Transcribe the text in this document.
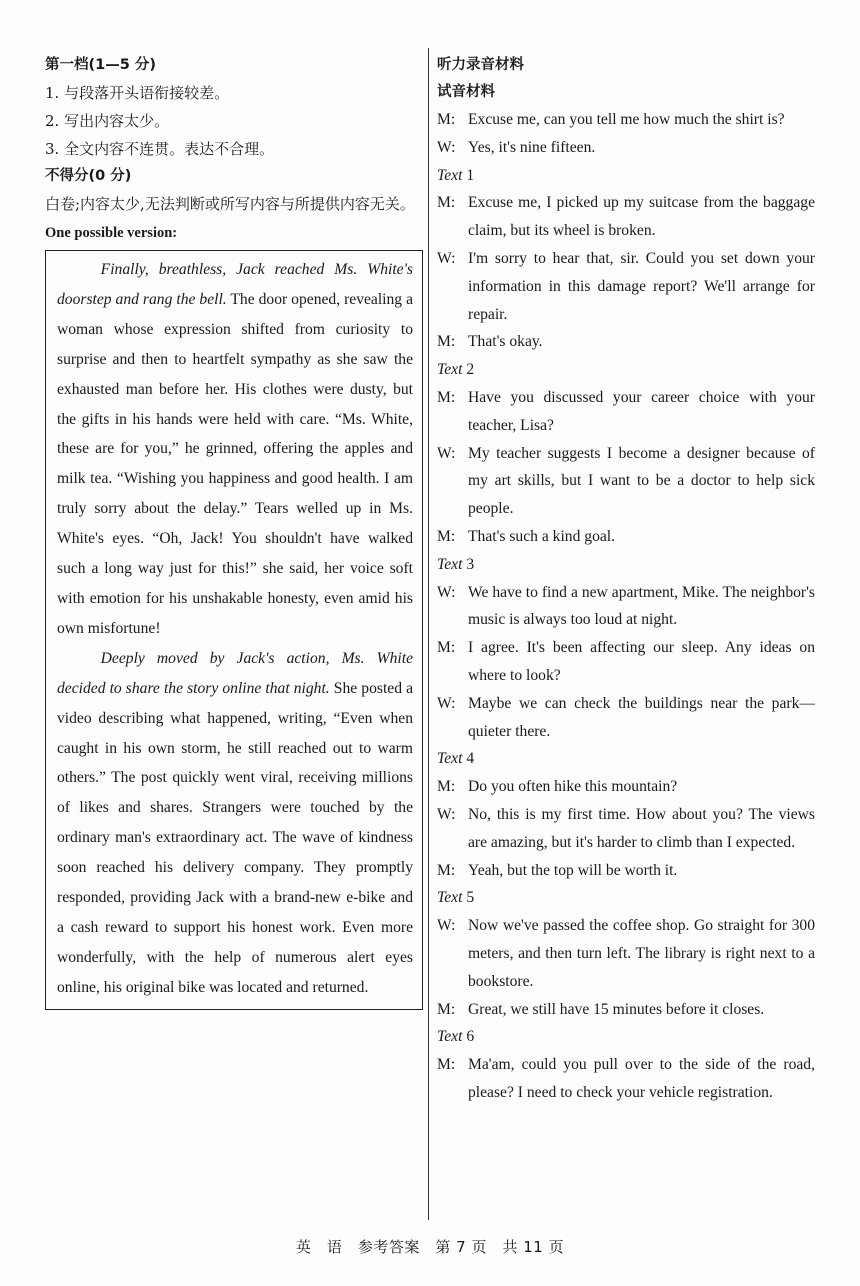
第一档(1—5 分)
1. 与段落开头语衔接较差。
2. 写出内容太少。
3. 全文内容不连贯。表达不合理。
不得分(0 分)
白卷;内容太少,无法判断或所写内容与所提供内容无关。
One possible version:

Finally, breathless, Jack reached Ms. White's doorstep and rang the bell. The door opened, revealing a woman whose expression shifted from curiosity to surprise and then to heartfelt sympathy as she saw the exhausted man before her. His clothes were dusty, but the gifts in his hands were held with care. “Ms. White, these are for you,” he grinned, offering the apples and milk tea. “Wishing you happiness and good health. I am truly sorry about the delay.” Tears welled up in Ms. White's eyes. “Oh, Jack! You shouldn't have walked such a long way just for this!” she said, her voice soft with emotion for his unshakable honesty, even amid his own misfortune!

Deeply moved by Jack's action, Ms. White decided to share the story online that night. She posted a video describing what happened, writing, “Even when caught in his own storm, he still reached out to warm others.” The post quickly went viral, receiving millions of likes and shares. Strangers were touched by the ordinary man's extraordinary act. The wave of kindness soon reached his delivery company. They promptly responded, providing Jack with a brand-new e-bike and a cash reward to support his honest work. Even more wonderfully, with the help of numerous alert eyes online, his original bike was located and returned.

听力录音材料
试音材料
M: Excuse me, can you tell me how much the shirt is?
W: Yes, it's nine fifteen.
Text 1
M: Excuse me, I picked up my suitcase from the baggage claim, but its wheel is broken.
W: I'm sorry to hear that, sir. Could you set down your information in this damage report? We'll arrange for repair.
M: That's okay.
Text 2
M: Have you discussed your career choice with your teacher, Lisa?
W: My teacher suggests I become a designer because of my art skills, but I want to be a doctor to help sick people.
M: That's such a kind goal.
Text 3
W: We have to find a new apartment, Mike. The neighbor's music is always too loud at night.
M: I agree. It's been affecting our sleep. Any ideas on where to look?
W: Maybe we can check the buildings near the park—quieter there.
Text 4
M: Do you often hike this mountain?
W: No, this is my first time. How about you? The views are amazing, but it's harder to climb than I expected.
M: Yeah, but the top will be worth it.
Text 5
W: Now we've passed the coffee shop. Go straight for 300 meters, and then turn left. The library is right next to a bookstore.
M: Great, we still have 15 minutes before it closes.
Text 6
M: Ma'am, could you pull over to the side of the road, please? I need to check your vehicle registration.
英　语　参考答案　第 7 页　共 11 页
